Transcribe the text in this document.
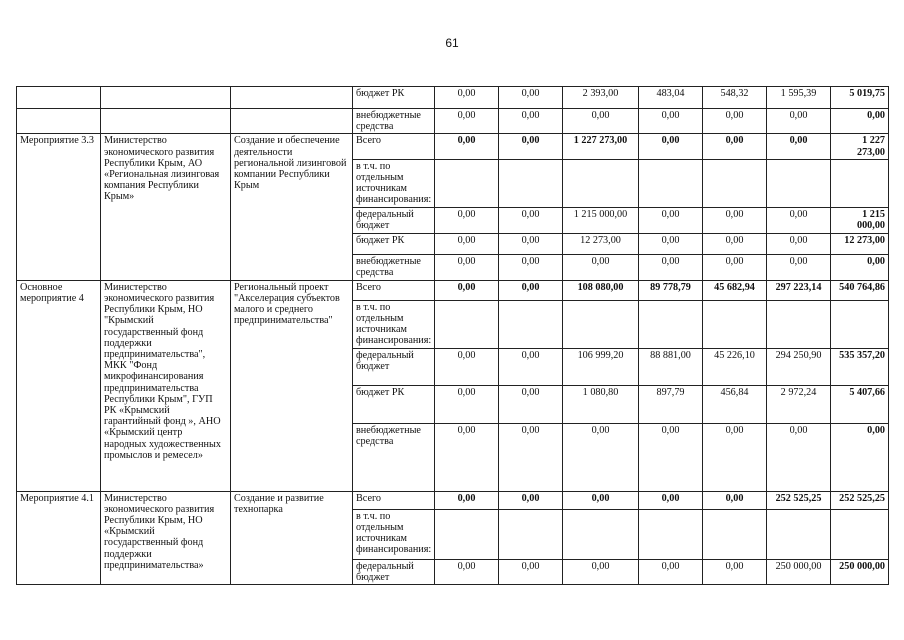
61
			бюджет РК	0,00	0,00	2 393,00	483,04	548,32	1 595,39	5 019,75
			внебюджетные средства	0,00	0,00	0,00	0,00	0,00	0,00	0,00
Мероприятие 3.3	Министерство экономического развития Республики Крым, АО «Региональная лизинговая компания Республики Крым»	Создание и обеспечение деятельности региональной лизинговой компании Республики Крым	Всего	0,00	0,00	1 227 273,00	0,00	0,00	0,00	1 227 273,00
			в т.ч. по отдельным источникам финансирования:							
			федеральный бюджет	0,00	0,00	1 215 000,00	0,00	0,00	0,00	1 215 000,00
			бюджет РК	0,00	0,00	12 273,00	0,00	0,00	0,00	12 273,00
			внебюджетные средства	0,00	0,00	0,00	0,00	0,00	0,00	0,00
Основное мероприятие 4	Министерство экономического развития Республики Крым, НО "Крымский государственный фонд поддержки предпринимательства", МКК "Фонд микрофинансирования предпринимательства Республики Крым", ГУП РК «Крымский гарантийный фонд », АНО «Крымский центр народных художественных промыслов и ремесел»	Региональный проект "Акселерация субъектов малого и среднего предпринимательства"	Всего	0,00	0,00	108 080,00	89 778,79	45 682,94	297 223,14	540 764,86
			в т.ч. по отдельным источникам финансирования:							
			федеральный бюджет	0,00	0,00	106 999,20	88 881,00	45 226,10	294 250,90	535 357,20
			бюджет РК	0,00	0,00	1 080,80	897,79	456,84	2 972,24	5 407,66
			внебюджетные средства	0,00	0,00	0,00	0,00	0,00	0,00	0,00
Мероприятие 4.1	Министерство экономического развития Республики Крым, НО «Крымский государственный фонд поддержки предпринимательства»	Создание и развитие технопарка	Всего	0,00	0,00	0,00	0,00	0,00	252 525,25	252 525,25
			в т.ч. по отдельным источникам финансирования:							
			федеральный бюджет	0,00	0,00	0,00	0,00	0,00	250 000,00	250 000,00
